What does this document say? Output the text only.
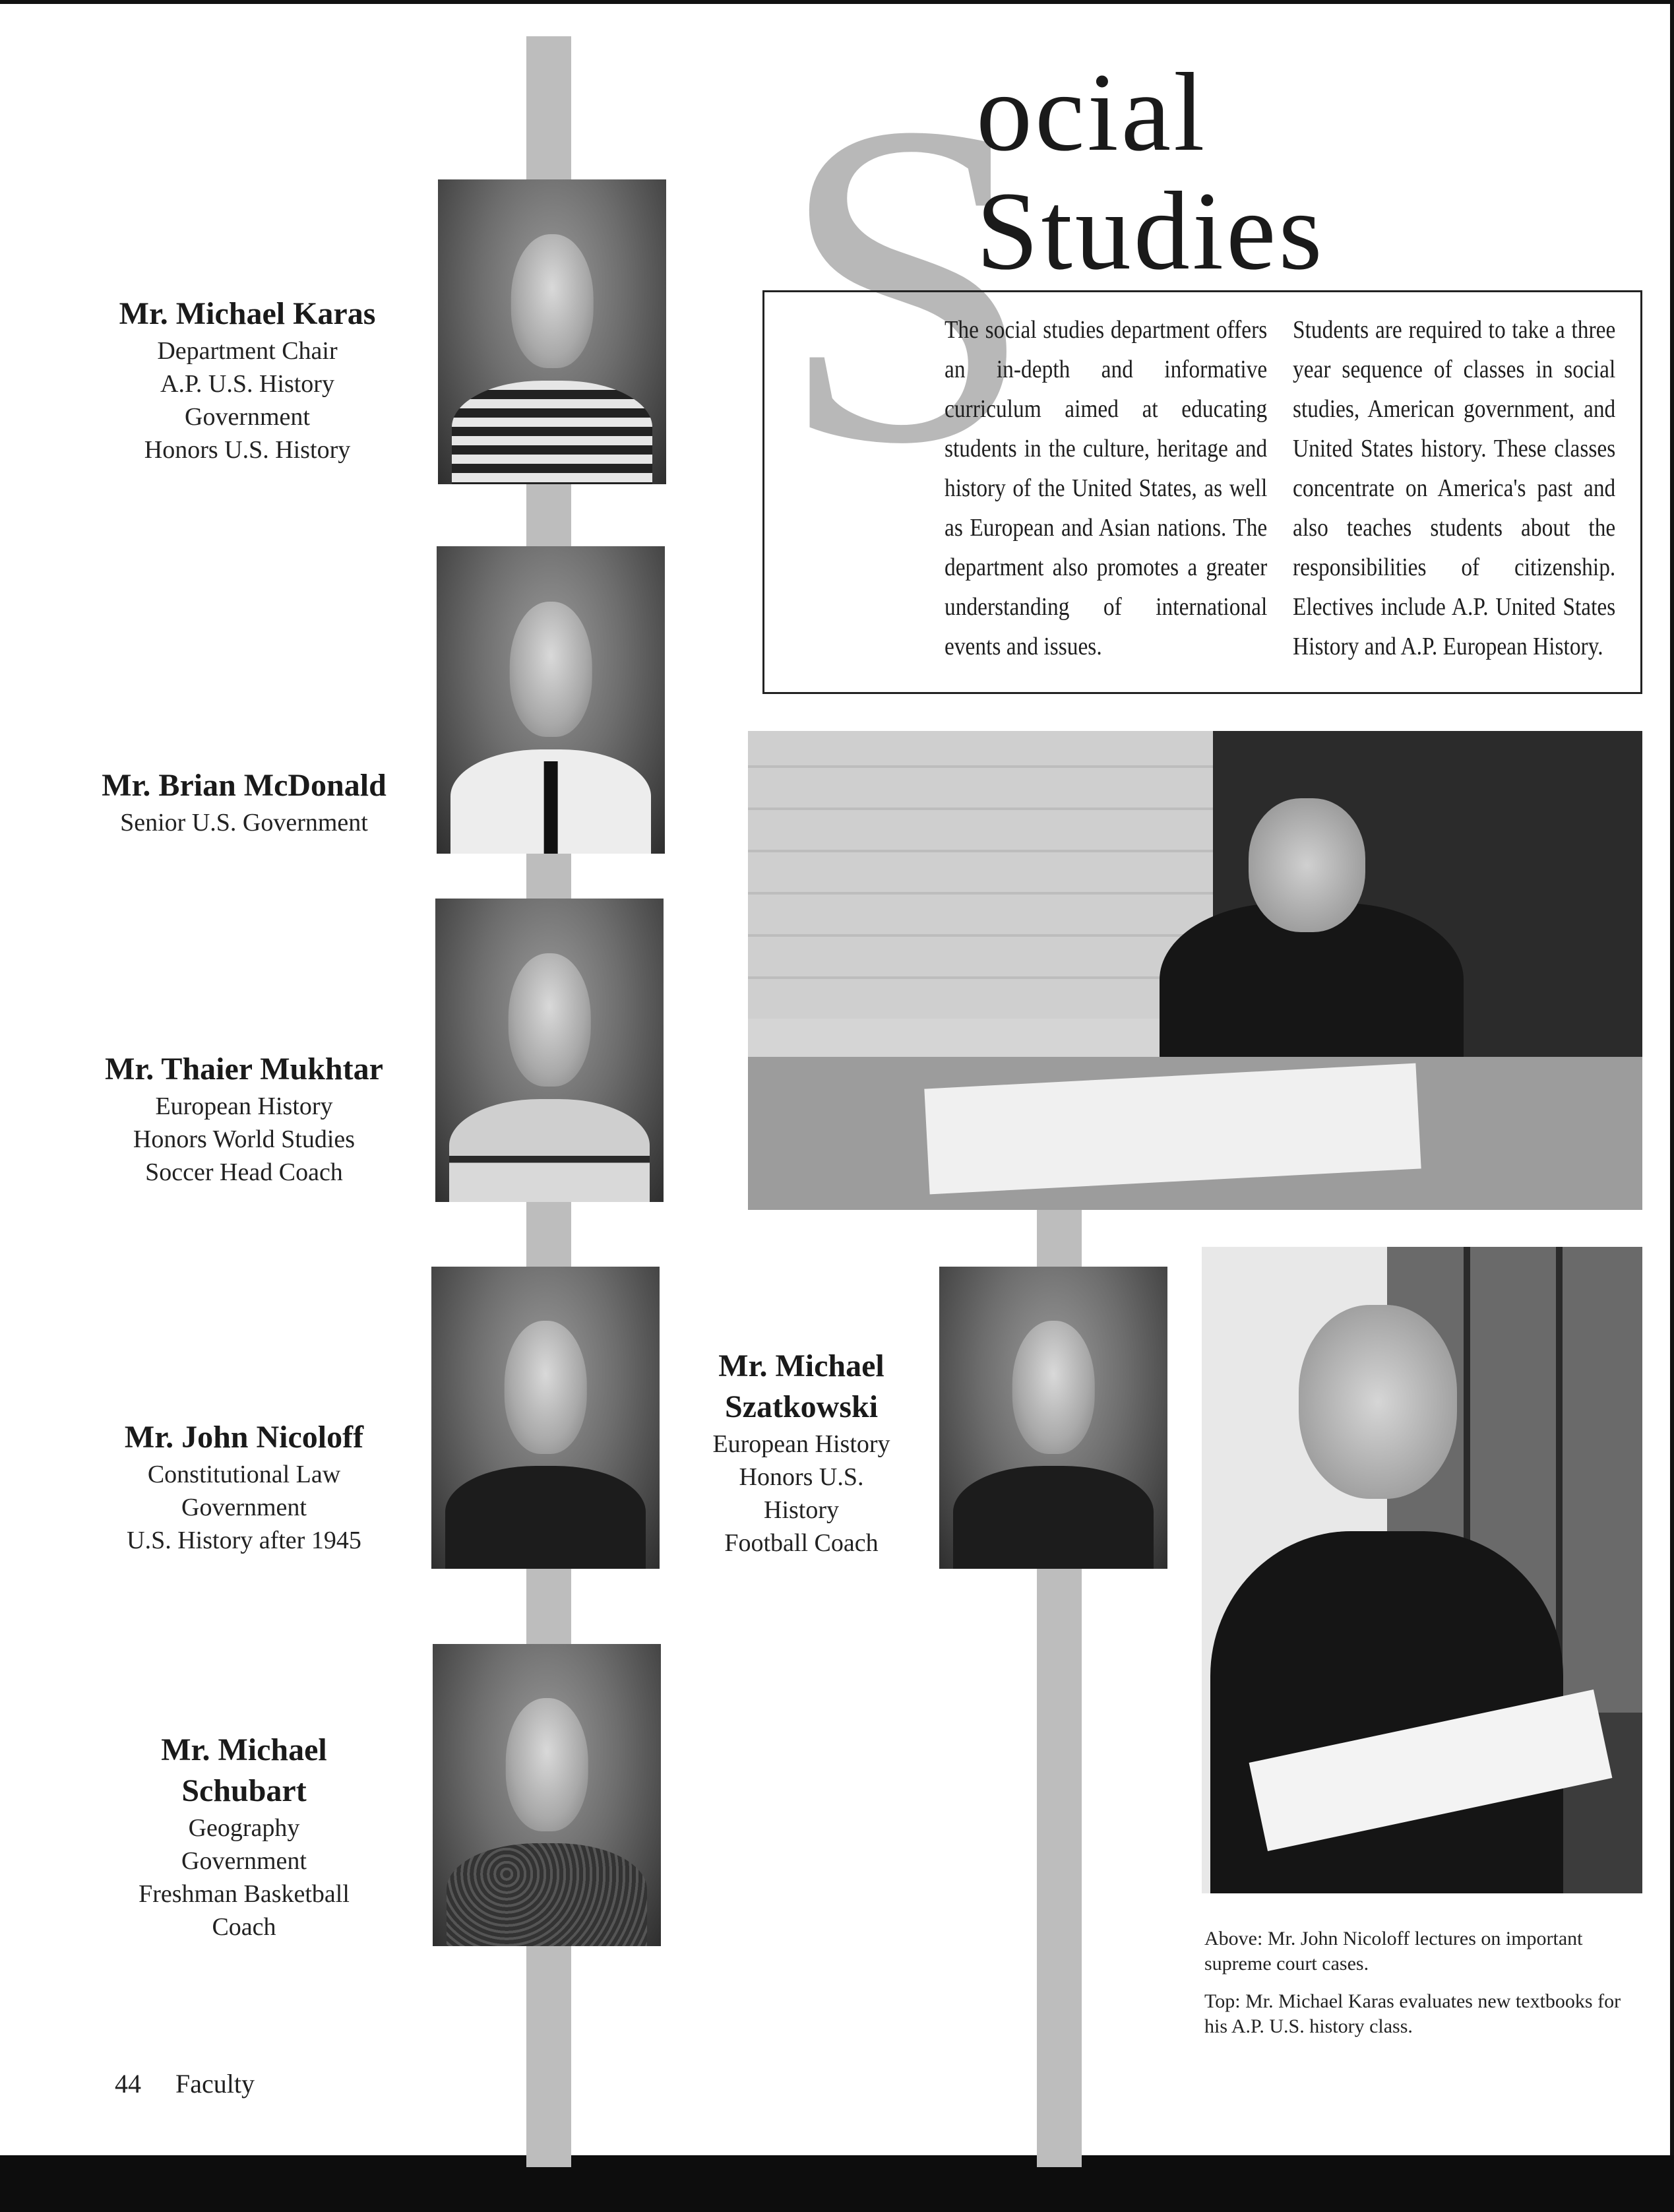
S
ocial
Studies
The social studies department offers an in-depth and informative curriculum aimed at educating students in the culture, heritage and history of the United States, as well as European and Asian nations. The department also promotes a greater understanding of international events and issues.
Students are required to take a three year sequence of classes in social studies, American government, and United States history. These classes concentrate on America's past and also teaches students about the responsibilities of citizenship. Electives include A.P. United States History and A.P. European History.
Mr. Michael Karas
Department Chair
A.P. U.S. History
Government
Honors U.S. History
Mr. Brian McDonald
Senior U.S. Government
Mr. Thaier Mukhtar
European History
Honors World Studies
Soccer Head Coach
Mr. John Nicoloff
Constitutional Law
Government
U.S. History after 1945
Mr. Michael Schubart
Geography
Government
Freshman Basketball
Coach
Mr. Michael Szatkowski
European History
Honors U.S.
History
Football Coach
Above: Mr. John Nicoloff lectures on important supreme court cases.
Top: Mr. Michael Karas evaluates new textbooks for his A.P. U.S. history class.
44 Faculty
